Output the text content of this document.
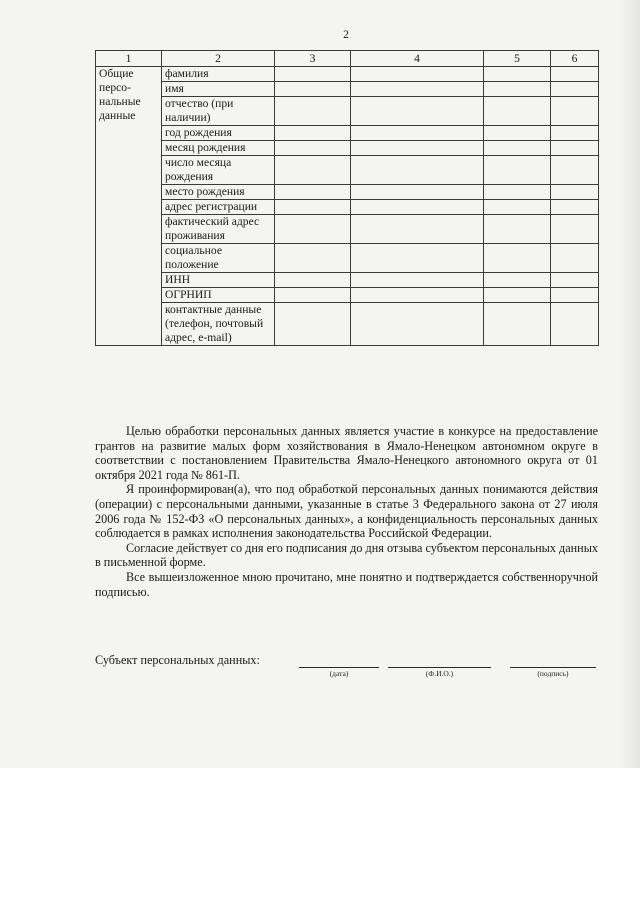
2
1	2	3	4	5	6
Общие персо-нальные данные	фамилия				
	имя				
	отчество (при наличии)				
	год рождения				
	месяц рождения				
	число месяца рождения				
	место рождения				
	адрес регистрации				
	фактический адрес проживания				
	социальное положение				
	ИНН				
	ОГРНИП				
	контактные данные (телефон, почтовый адрес, e-mail)				

Целью обработки персональных данных является участие в конкурсе на предоставление грантов на развитие малых форм хозяйствования в Ямало-Ненецком автономном округе в соответствии с постановлением Правительства Ямало-Ненецкого автономного округа от 01 октября 2021 года № 861-П.

Я проинформирован(а), что под обработкой персональных данных понимаются действия (операции) с персональными данными, указанные в статье 3 Федерального закона от 27 июля 2006 года № 152-ФЗ «О персональных данных», а конфиденциальность персональных данных соблюдается в рамках исполнения законодательства Российской Федерации.

Согласие действует со дня его подписания до дня отзыва субъектом персональных данных в письменной форме.

Все вышеизложенное мною прочитано, мне понятно и подтверждается собственноручной подписью.

Субъект персональных данных:
(дата)	(Ф.И.О.)	(подпись)
